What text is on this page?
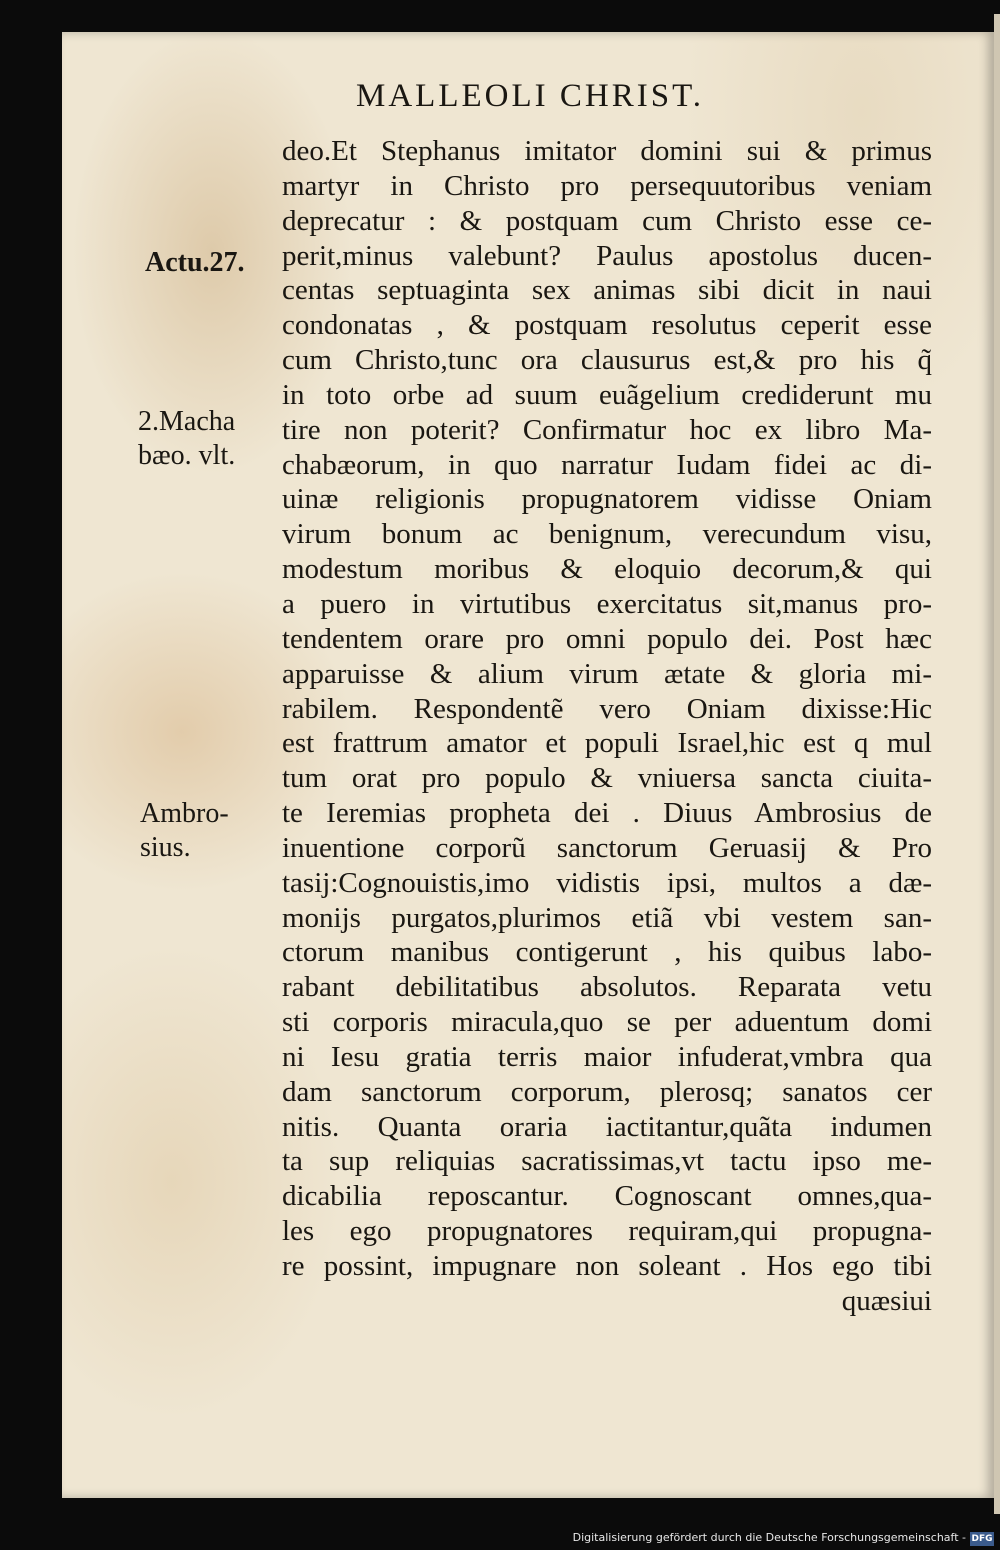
MALLEOLI CHRIST.
Actu.27.
2.Macha
bæo. vlt.
Ambro-
sius.
deo.Et Stephanus imitator domini sui & primus
martyr in Christo pro persequutoribus veniam
deprecatur : & postquam cum Christo esse ce-
perit,minus valebunt? Paulus apostolus ducen-
centas septuaginta sex animas sibi dicit in naui
condonatas , & postquam resolutus ceperit esse
cum Christo,tunc ora clausurus est,& pro his q̃
in toto orbe ad suum euãgelium crediderunt mu
tire non poterit? Confirmatur hoc ex libro Ma-
chabæorum, in quo narratur Iudam fidei ac di-
uinæ religionis propugnatorem vidisse Oniam
virum bonum ac benignum, verecundum visu,
modestum moribus & eloquio decorum,& qui
a puero in virtutibus exercitatus sit,manus pro-
tendentem orare pro omni populo dei. Post hæc
apparuisse & alium virum ætate & gloria mi-
rabilem. Respondentẽ vero Oniam dixisse:Hic
est frattrum amator et populi Israel,hic est q mul
tum orat pro populo & vniuersa sancta ciuita-
te Ieremias propheta dei . Diuus Ambrosius de
inuentione corporũ sanctorum Geruasij & Pro
tasij:Cognouistis,imo vidistis ipsi, multos a dæ-
monijs purgatos,plurimos etiã vbi vestem san-
ctorum manibus contigerunt , his quibus labo-
rabant debilitatibus absolutos. Reparata vetu
sti corporis miracula,quo se per aduentum domi
ni Iesu gratia terris maior infuderat,vmbra qua
dam sanctorum corporum, plerosq; sanatos cer
nitis. Quanta oraria iactitantur,quãta indumen
ta sup reliquias sacratissimas,vt tactu ipso me-
dicabilia reposcantur. Cognoscant omnes,qua-
les ego propugnatores requiram,qui propugna-
re possint, impugnare non soleant . Hos ego tibi
quæsiui
Digitalisierung gefördert durch die Deutsche Forschungsgemeinschaft - DFG
